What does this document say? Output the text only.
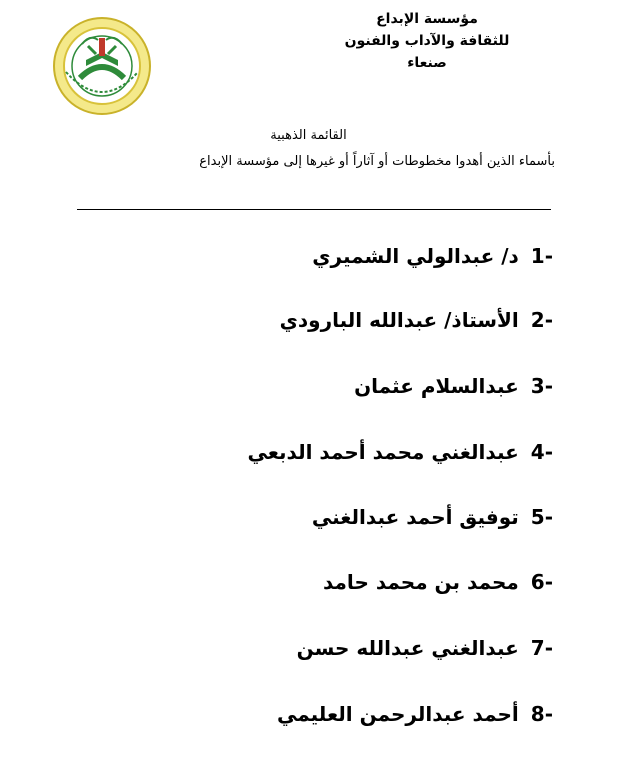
مؤسسة الإبداع
للثقافة والآداب والفنون
صنعاء
القائمة الذهبية
بأسماء الذين أهدوا مخطوطات أو آثاراً أو غيرها إلى مؤسسة الإبداع
1-د/ عبدالولي الشميري
2-الأستاذ/ عبدالله البارودي
3-عبدالسلام عثمان
4-عبدالغني محمد أحمد الدبعي
5-توفيق أحمد عبدالغني
6-محمد بن محمد حامد
7-عبدالغني عبدالله حسن
8-أحمد عبدالرحمن العليمي
